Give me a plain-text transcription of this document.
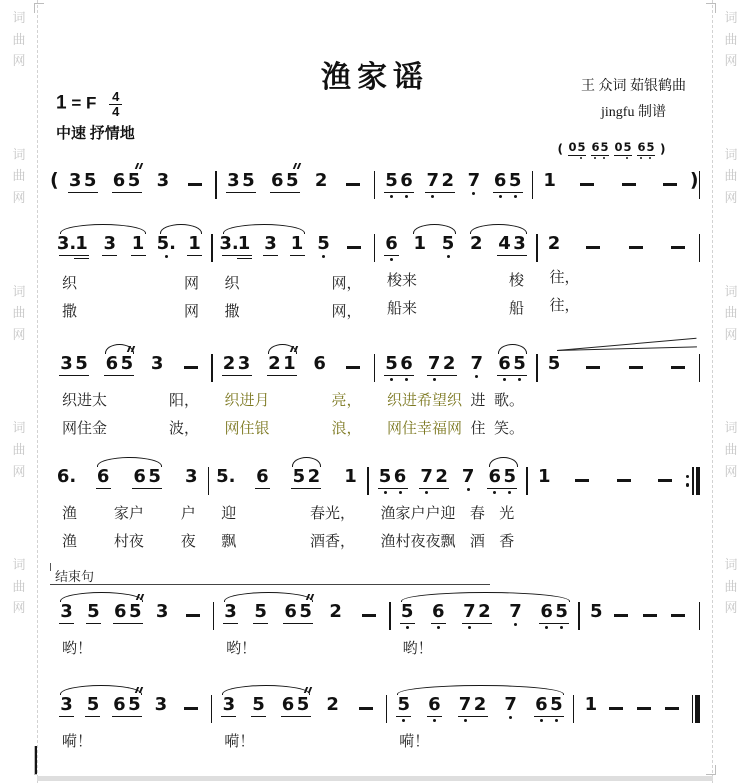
词
曲
网
词
曲
网
词
曲
网
词
曲
网
词
曲
网
词
曲
网
词
曲
网
词
曲
网
词
曲
网
词
曲
网
渔家谣	王 众词 茹银鹤曲
jingfu 制谱
1 = F $\frac{4}{4}$
中速 抒情地
( 3 5 6 5 3	3 5 6 5 2	5 6 7 2 7 6 5 1
( 0 5 6 5 0 5 6 5 )
)
3. 1 3 1 5. 1
织	网
撒	网
3. 1 3 1 5
织	网，
撒	网，
6 1 5 2 4 3
梭来	梭
船来	船
2
往，
往，
3 5 6 5 3
织进太	阳，
网住金	波，
2 3 2 1 6
织进月	亮，
网住银	浪，
5 6 7 2 7 6 5
织进希望织 进 歌。
网住幸福网 住 笑。
5
6. 6 6 5 3
渔 家户 户
渔 村夜 夜
5. 6 5 2 1
迎	春光，
飘	酒香，
5 6 7 2 7 6 5
渔家户户迎 春 光
渔村夜夜飘 酒 香
1
结束句
3 5 6 5 3
哟！
3 5 6 5 2
哟！
5 6 7 2 7 6 5
哟！
5
3 5 6 5 3
嗬！
3 5 6 5 2
嗬！
5 6 7 2 7 6 5
嗬！
1
